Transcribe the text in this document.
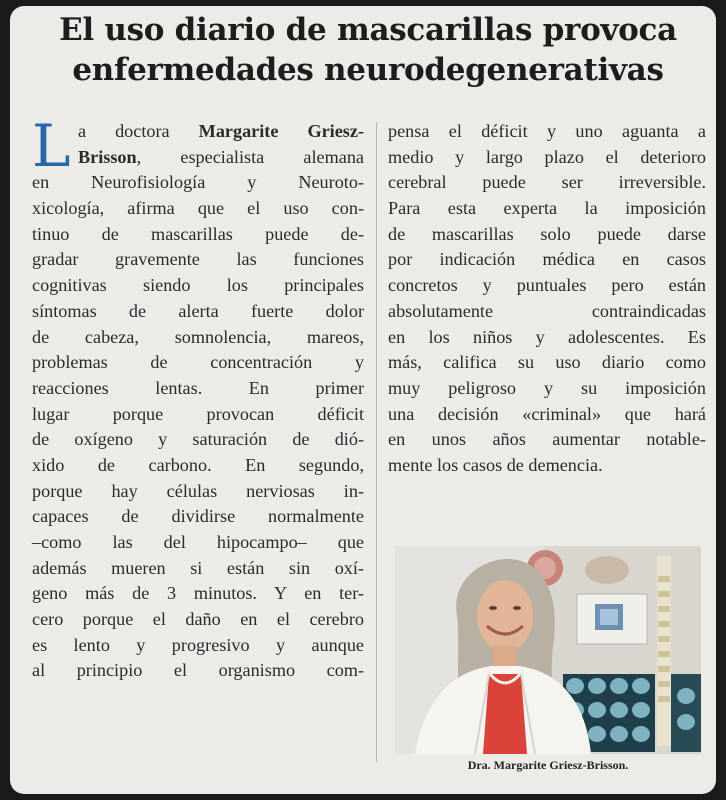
El uso diario de mascarillas provoca
enfermedades neurodegenerativas
L a doctora Margarite Griesz-
Brisson, especialista alemana
en Neurofisiología y Neuroto-
xicología, afirma que el uso con-
tinuo de mascarillas puede de-
gradar gravemente las funciones
cognitivas siendo los principales
síntomas de alerta fuerte dolor
de cabeza, somnolencia, mareos,
problemas de concentración y
reacciones lentas. En primer
lugar porque provocan déficit
de oxígeno y saturación de dió-
xido de carbono. En segundo,
porque hay células nerviosas in-
capaces de dividirse normalmente
–como las del hipocampo– que
además mueren si están sin oxí-
geno más de 3 minutos. Y en ter-
cero porque el daño en el cerebro
es lento y progresivo y aunque
al principio el organismo com-
pensa el déficit y uno aguanta a
medio y largo plazo el deterioro
cerebral puede ser irreversible.
Para esta experta la imposición
de mascarillas solo puede darse
por indicación médica en casos
concretos y puntuales pero están
absolutamente contraindicadas
en los niños y adolescentes. Es
más, califica su uso diario como
muy peligroso y su imposición
una decisión «criminal» que hará
en unos años aumentar notable-
mente los casos de demencia.
Dra. Margarite Griesz-Brisson.
